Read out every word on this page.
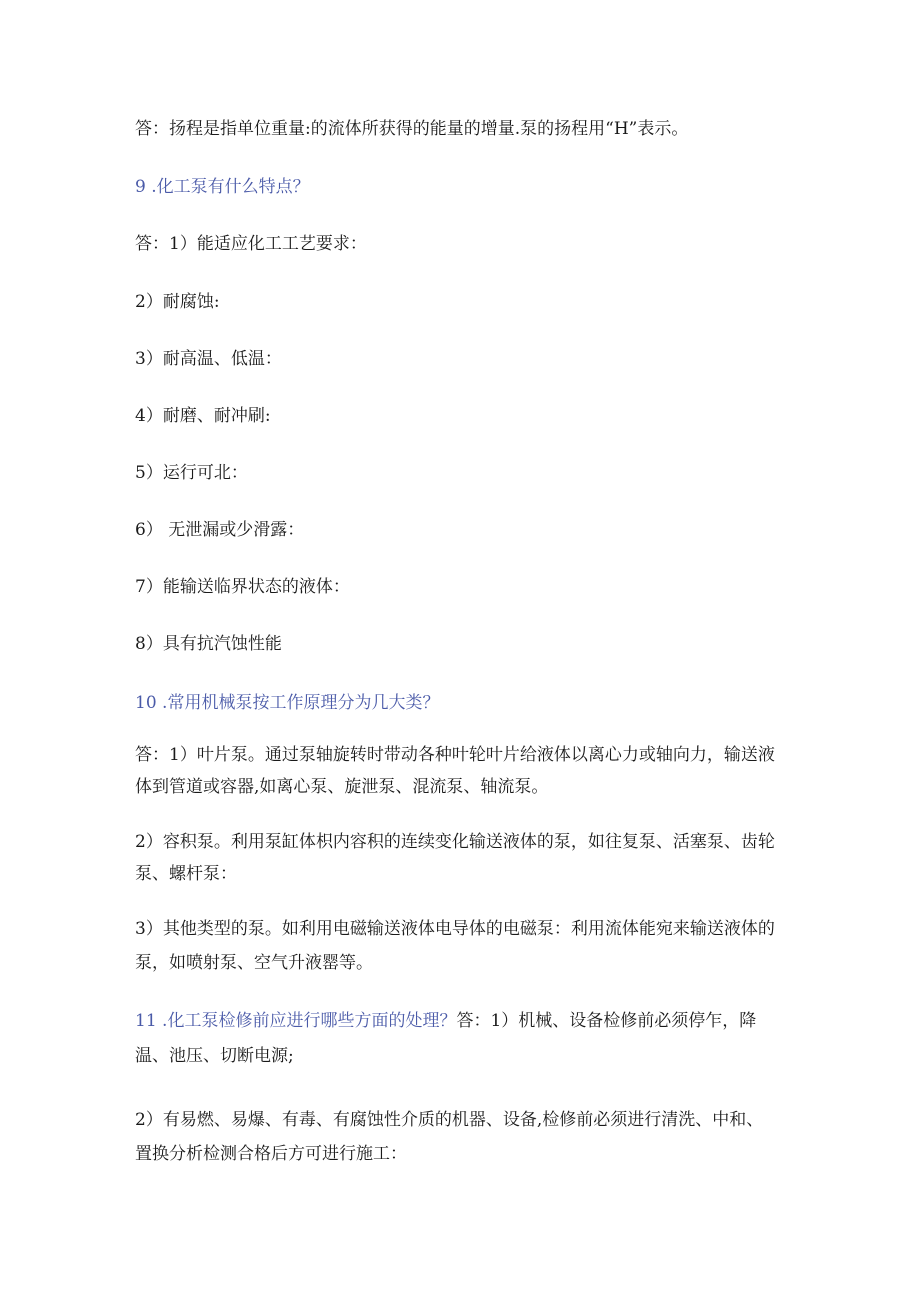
答：扬程是指单位重量:的流体所获得的能量的增量.泵的扬程用“H”表示。
9 .化工泵有什么特点？
答：1）能适应化工工艺要求：
2）耐腐蚀:
3）耐高温、低温：
4）耐磨、耐冲刷:
5）运行可北：
6） 无泄漏或少滑露：
7）能输送临界状态的液体：
8）具有抗汽蚀性能
10 .常用机械泵按工作原理分为几大类？
答：1）叶片泵。通过泵轴旋转时带动各种叶轮叶片给液体以离心力或轴向力，输送液
体到管道或容器,如离心泵、旋泄泵、混流泵、轴流泵。
2）容积泵。利用泵缸体枳内容积的连续变化输送液体的泵，如往复泵、活塞泵、齿轮
泵、螺杆泵：
3）其他类型的泵。如利用电磁输送液体电导体的电磁泵：利用流体能宛来输送液体的
泵，如喷射泵、空气升液罂等。
11 .化工泵检修前应进行哪些方面的处理？答：1）机械、设备检修前必须停乍，降
温、池压、切断电源;
2）有易燃、易爆、有毒、有腐蚀性介质的机器、设备,检修前必须进行清洗、中和、
置换分析检测合格后方可进行施工：
